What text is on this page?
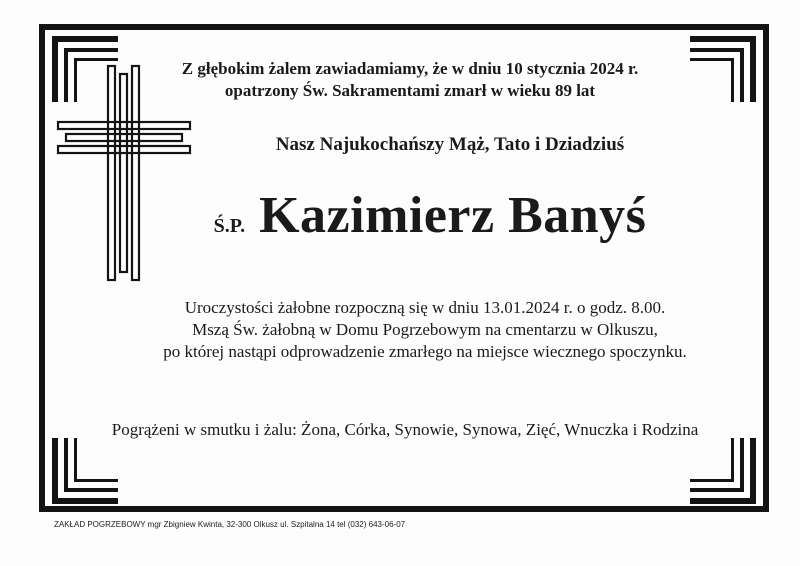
Z głębokim żalem zawiadamiamy, że w dniu 10 stycznia 2024 r.
opatrzony Św. Sakramentami zmarł w wieku 89 lat
Nasz Najukochańszy Mąż, Tato i Dziadziuś
Ś.P. Kazimierz Banyś
Uroczystości żałobne rozpoczną się w dniu 13.01.2024 r. o godz. 8.00.
Mszą Św. żałobną w Domu Pogrzebowym na cmentarzu w Olkuszu,
po której nastąpi odprowadzenie zmarłego na miejsce wiecznego spoczynku.
Pogrążeni w smutku i żalu: Żona, Córka, Synowie, Synowa, Zięć, Wnuczka i Rodzina
ZAKŁAD POGRZEBOWY mgr Zbigniew Kwinta, 32-300 Olkusz ul. Szpitalna 14 tel (032) 643-06-07
